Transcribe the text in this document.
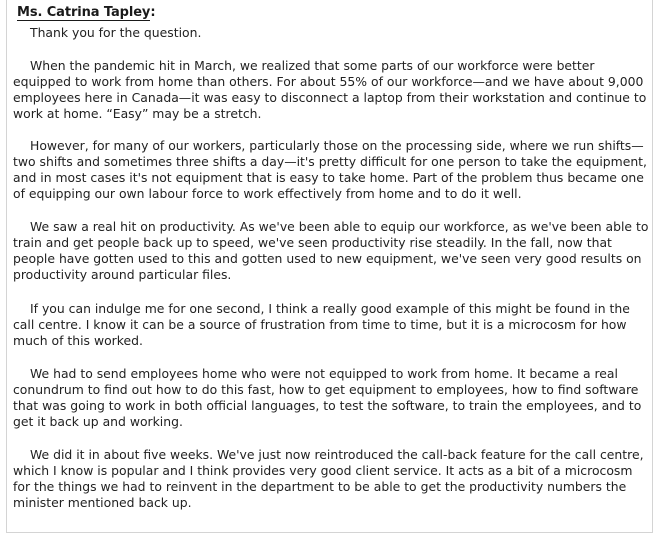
Ms. Catrina Tapley:

Thank you for the question.

When the pandemic hit in March, we realized that some parts of our workforce were better equipped to work from home than others. For about 55% of our workforce—and we have about 9,000 employees here in Canada—it was easy to disconnect a laptop from their workstation and continue to work at home. “Easy” may be a stretch.

However, for many of our workers, particularly those on the processing side, where we run shifts—two shifts and sometimes three shifts a day—it's pretty difficult for one person to take the equipment, and in most cases it's not equipment that is easy to take home. Part of the problem thus became one of equipping our own labour force to work effectively from home and to do it well.

We saw a real hit on productivity. As we've been able to equip our workforce, as we've been able to train and get people back up to speed, we've seen productivity rise steadily. In the fall, now that people have gotten used to this and gotten used to new equipment, we've seen very good results on productivity around particular files.

If you can indulge me for one second, I think a really good example of this might be found in the call centre. I know it can be a source of frustration from time to time, but it is a microcosm for how much of this worked.

We had to send employees home who were not equipped to work from home. It became a real conundrum to find out how to do this fast, how to get equipment to employees, how to find software that was going to work in both official languages, to test the software, to train the employees, and to get it back up and working.

We did it in about five weeks. We've just now reintroduced the call-back feature for the call centre, which I know is popular and I think provides very good client service. It acts as a bit of a microcosm for the things we had to reinvent in the department to be able to get the productivity numbers the minister mentioned back up.
